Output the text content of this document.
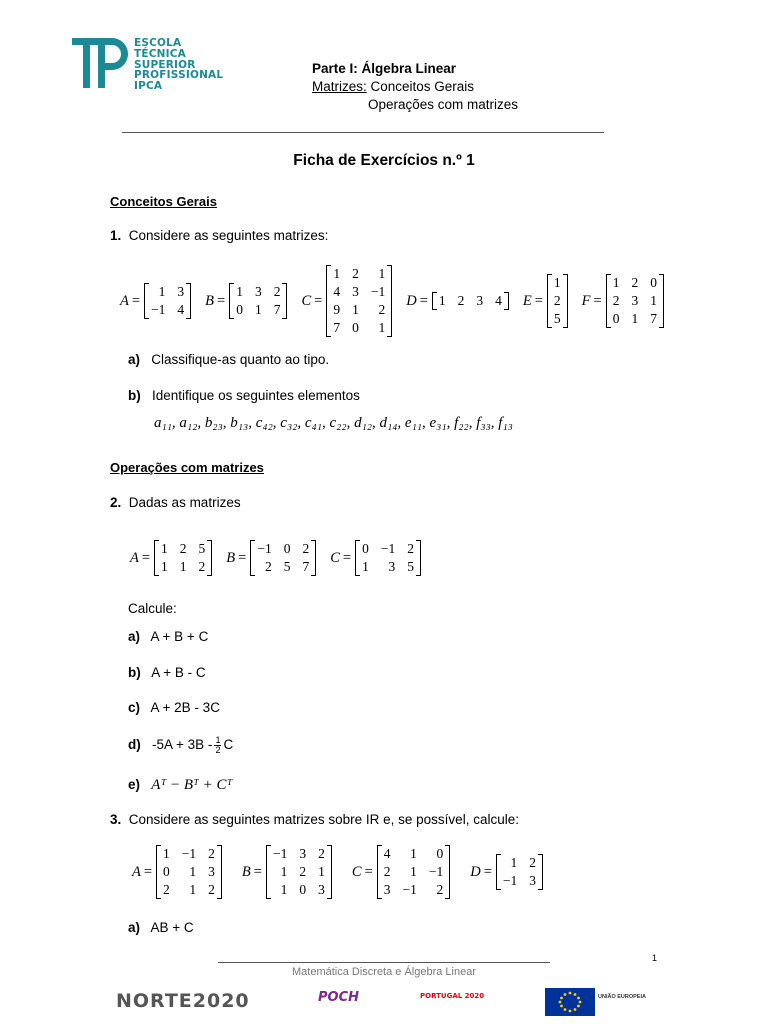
ESCOLA
TÉCNICA
SUPERIOR
PROFISSIONAL
IPCA
Parte I: Álgebra Linear
Matrizes: Conceitos Gerais
Operações com matrizes
Ficha de Exercícios n.º 1
Conceitos Gerais
1. Considere as seguintes matrizes:
A =
1 3
−1 4
B =
1 3 2
0 1 7
C =
1 2	1
4 3 −1
9 1	2
7 0	1
D = 1 2 3 4 E =
1
2
5
F =
1 2 0
2 3 1
0 1 7
a) Classifique-as quanto ao tipo.
b) Identifique os seguintes elementos
a₁₁, a₁₂, b₂₃, b₁₃, c₄₂, c₃₂, c₄₁, c₂₂, d₁₂, d₁₄, e₁₁, e₃₁, f₂₂, f₃₃, f₁₃
Operações com matrizes
2. Dadas as matrizes
A =
1 2 5
1 1 2
B =
−1 0 2
2 5 7
C =
0 −1 2
1	3 5
Calcule:
a) A + B + C
b) A + B - C
c) A + 2B - 3C
d) $-5A + 3B - \frac{1}{2}$ C
e) Aᵀ − Bᵀ + Cᵀ
3. Considere as seguintes matrizes sobre IR e, se possível, calcule:
A =
1 −1 2
0	1 3
2	1 2
B =
−1 3 2
1 2 1
1 0 3
C =
4	1	0
2	1 −1
3 −1	2
D =
1 2
−1 3
a) AB + C
1
Matemática Discreta e Álgebra Linear
NORTE2020	POCH	PORTUGAL 2020	UNIÃO EUROPEIA
